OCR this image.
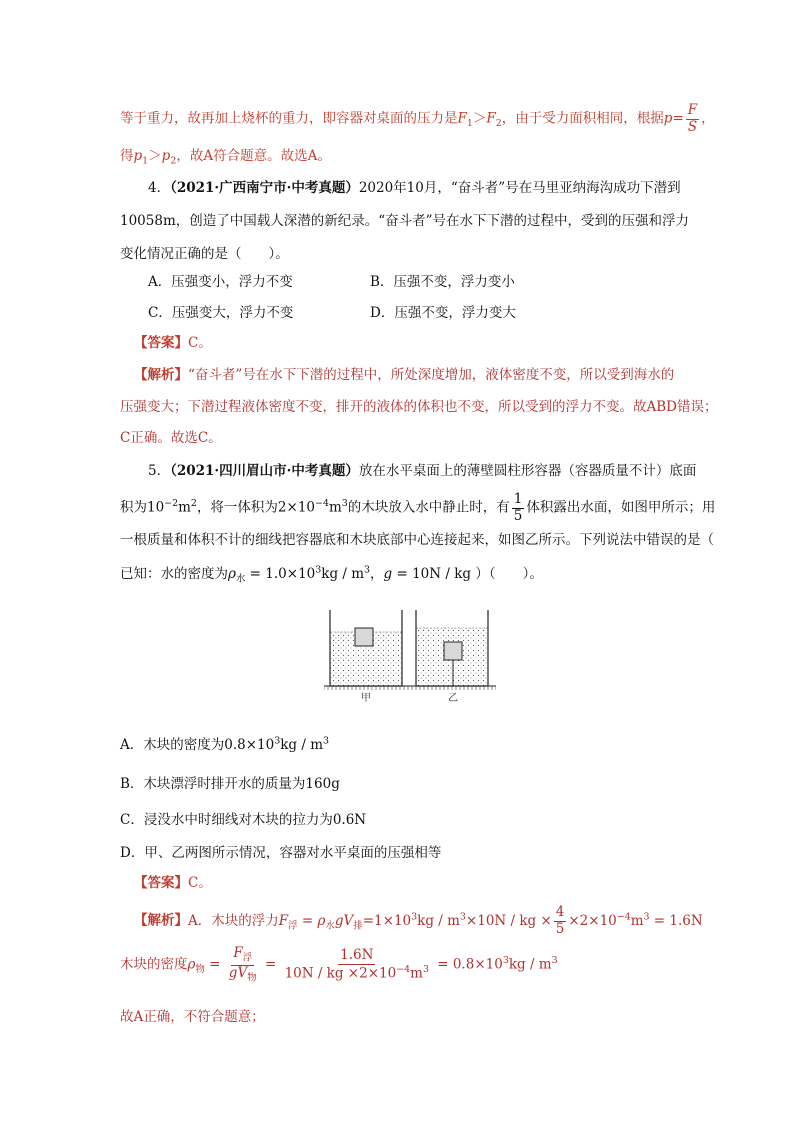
等于重力，故再加上烧杯的重力，即容器对桌面的压力是$F_1>F_2$，由于受力面积相同，根据$p= \frac{F}{S}$ ，
得$p_1>p_2$，故A符合题意。故选A。
4．（2021·广西南宁市·中考真题）2020年10月，“奋斗者”号在马里亚纳海沟成功下潜到
10058m，创造了中国载人深潜的新纪录。“奋斗者”号在水下下潜的过程中，受到的压强和浮力
变化情况正确的是（　　）。
A．压强变小，浮力不变	B．压强不变，浮力变小
C．压强变大，浮力不变	D．压强不变，浮力变大
【答案】C。
【解析】“奋斗者”号在水下下潜的过程中，所处深度增加，液体密度不变，所以受到海水的
压强变大；下潜过程液体密度不变，排开的液体的体积也不变，所以受到的浮力不变。故ABD错误；
C正确。故选C。
5．（2021·四川眉山市·中考真题）放在水平桌面上的薄壁圆柱形容器（容器质量不计）底面
积为$10^{-2}m^2$，将一体积为$2\times 10^{-4}m^3$的木块放入水中静止时，有 $\frac{1}{5}$ 体积露出水面，如图甲所示；用
一根质量和体积不计的细线把容器底和木块底部中心连接起来，如图乙所示。下列说法中错误的是（
已知：水的密度为$\rho_水 = 1.0\times 10^3kg / m^3$，g = 10N / kg ）（　　）。
甲	乙
A．木块的密度为$0.8\times 10^3kg / m^3$
B．木块漂浮时排开水的质量为160g
C．浸没水中时细线对木块的拉力为0.6N
D．甲、乙两图所示情况，容器对水平桌面的压强相等
【答案】C。
【解析】A．木块的浮力$F_浮 = \rho_水gV_排=1\times 10^3kg / m^3\times 10N$ / kg × $\frac{4}{5} \times 2\times 10^{-4}m^3 = 1.6N$
木块的密度$\rho_物 = \frac{F_浮}{gV_物} = \frac{1.6N}{10N / kg \times 2\times 10^{-4}m^3} = 0.8\times 10^3kg / m^3$
故A正确，不符合题意；
